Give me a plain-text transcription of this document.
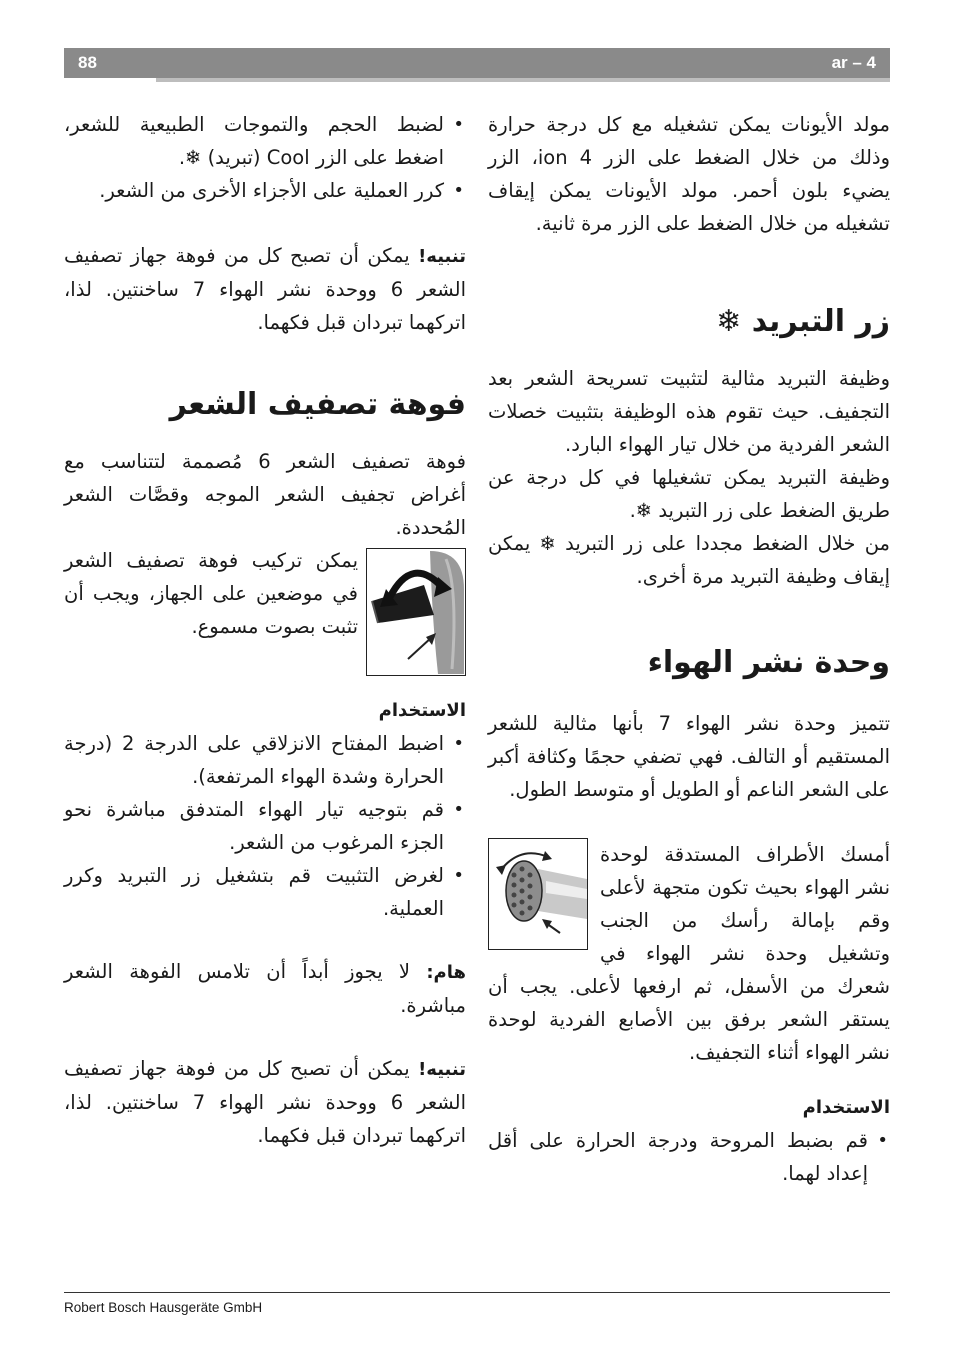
88	ar – 4

مولد الأيونات يمكن تشغيله مع كل درجة حرارة وذلك من خلال الضغط على الزر 4 ion، الزر يضيء بلون أحمر. مولد الأيونات يمكن إيقاف تشغيله من خلال الضغط على الزر مرة ثانية.

زر التبريد ❄

وظيفة التبريد مثالية لتثبيت تسريحة الشعر بعد التجفيف. حيث تقوم هذه الوظيفة بتثبيت خصلات الشعر الفردية من خلال تيار الهواء البارد.

وظيفة التبريد يمكن تشغيلها في كل درجة عن طريق الضغط على زر التبريد ❄.

من خلال الضغط مجددا على زر التبريد ❄ يمكن إيقاف وظيفة التبريد مرة أخرى.

وحدة نشر الهواء

تتميز وحدة نشر الهواء 7 بأنها مثالية للشعر المستقيم أو التالف. فهي تضفي حجمًا وكثافة أكبر على الشعر الناعم أو الطويل أو متوسط الطول.

أمسك الأطراف المستدقة لوحدة نشر الهواء بحيث تكون متجهة لأعلى وقم بإمالة رأسك من الجنب وتشغيل وحدة نشر الهواء في شعرك من الأسفل، ثم ارفعها لأعلى. يجب أن يستقر الشعر برفق بين الأصابع الفردية لوحدة نشر الهواء أثناء التجفيف.

الاستخدام

• قم بضبط المروحة ودرجة الحرارة على أقل إعداد لهما.
• لضبط الحجم والتموجات الطبيعية للشعر، اضغط على الزر Cool (تبريد) ❄.
• كرر العملية على الأجزاء الأخرى من الشعر.

تنبيه! يمكن أن تصبح كل من فوهة جهاز تصفيف الشعر 6 ووحدة نشر الهواء 7 ساخنتين. لذا، اتركهما تبردان قبل فكهما.

فوهة تصفيف الشعر

فوهة تصفيف الشعر 6 مُصممة لتتناسب مع أغراض تجفيف الشعر الموجه وقصَّات الشعر المُحددة.

يمكن تركيب فوهة تصفيف الشعر في موضعين على الجهاز، ويجب أن تثبت بصوت مسموع.

الاستخدام

• اضبط المفتاح الانزلاقي على الدرجة 2 (درجة الحرارة وشدة الهواء المرتفعة).
• قم بتوجيه تيار الهواء المتدفق مباشرة نحو الجزء المرغوب من الشعر.
• لغرض التثبيت قم بتشغيل زر التبريد وكرر العملية.

هام: لا يجوز أبداً أن تلامس الفوهة الشعر مباشرة.

تنبيه! يمكن أن تصبح كل من فوهة جهاز تصفيف الشعر 6 ووحدة نشر الهواء 7 ساخنتين. لذا، اتركهما تبردان قبل فكهما.

Robert Bosch Hausgeräte GmbH
